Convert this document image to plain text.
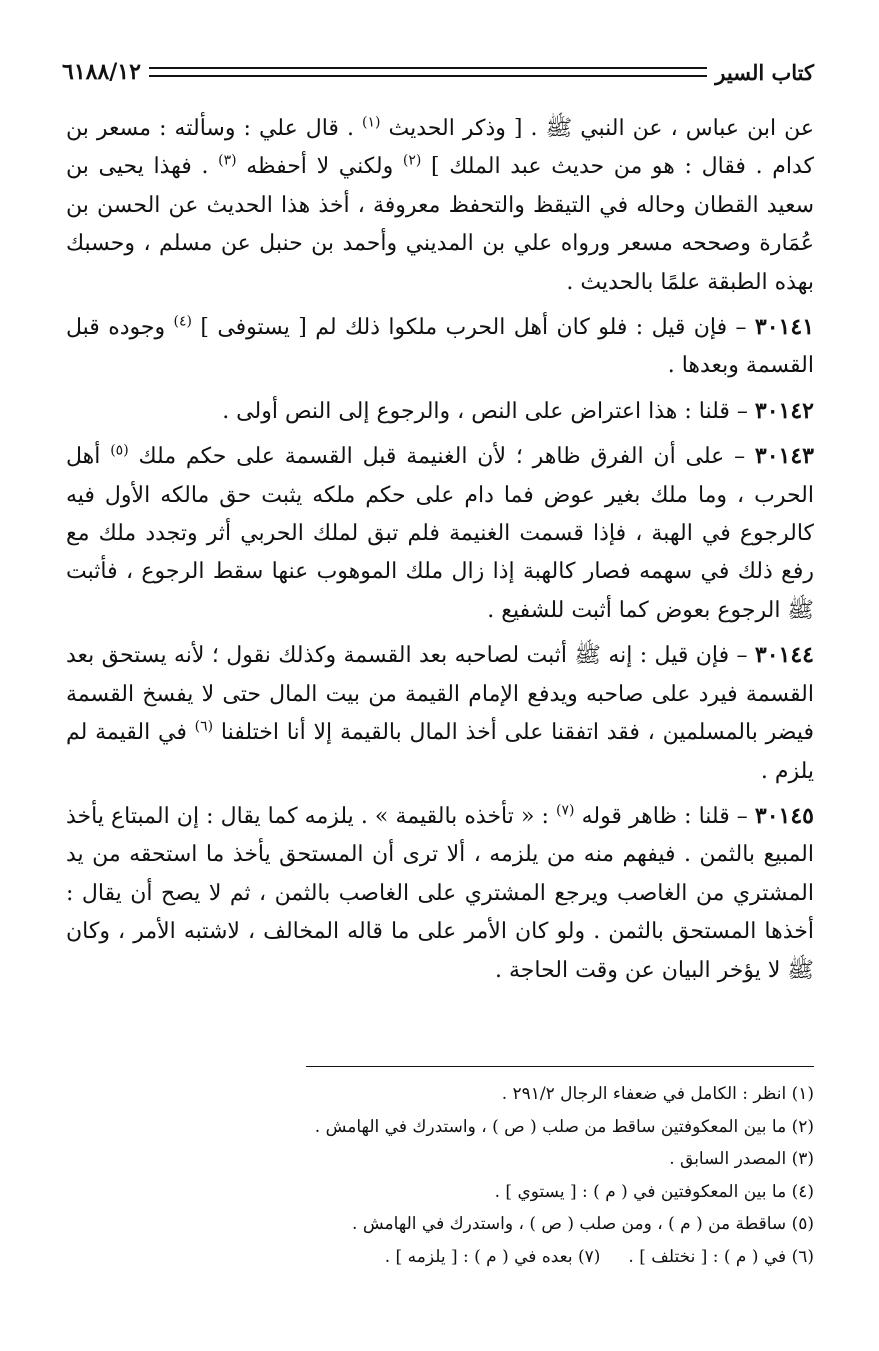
كتاب السير
٦١٨٨/١٢

عن ابن عباس ، عن النبي ﷺ . [ وذكر الحديث $^{(١)}$ . قال علي : وسألته : مسعر بن كدام . فقال : هو من حديث عبد الملك ] $^{(٢)}$ ولكني لا أحفظه $^{(٣)}$ . فهذا يحيى بن سعيد القطان وحاله في التيقظ والتحفظ معروفة ، أخذ هذا الحديث عن الحسن بن عُمَارة وصححه مسعر ورواه علي بن المديني وأحمد بن حنبل عن مسلم ، وحسبك بهذه الطبقة علمًا بالحديث .

٣٠١٤١ – فإن قيل : فلو كان أهل الحرب ملكوا ذلك لم [ يستوفى ] $^{(٤)}$ وجوده قبل القسمة وبعدها .

٣٠١٤٢ – قلنا : هذا اعتراض على النص ، والرجوع إلى النص أولى .

٣٠١٤٣ – على أن الفرق ظاهر ؛ لأن الغنيمة قبل القسمة على حكم ملك $^{(٥)}$ أهل الحرب ، وما ملك بغير عوض فما دام على حكم ملكه يثبت حق مالكه الأول فيه كالرجوع في الهبة ، فإذا قسمت الغنيمة فلم تبق لملك الحربي أثر وتجدد ملك مع رفع ذلك في سهمه فصار كالهبة إذا زال ملك الموهوب عنها سقط الرجوع ، فأثبت ﷺ الرجوع بعوض كما أثبت للشفيع .

٣٠١٤٤ – فإن قيل : إنه ﷺ أثبت لصاحبه بعد القسمة وكذلك نقول ؛ لأنه يستحق بعد القسمة فيرد على صاحبه ويدفع الإمام القيمة من بيت المال حتى لا يفسخ القسمة فيضر بالمسلمين ، فقد اتفقنا على أخذ المال بالقيمة إلا أنا اختلفنا $^{(٦)}$ في القيمة لم يلزم .

٣٠١٤٥ – قلنا : ظاهر قوله $^{(٧)}$ : « تأخذه بالقيمة » . يلزمه كما يقال : إن المبتاع يأخذ المبيع بالثمن . فيفهم منه من يلزمه ، ألا ترى أن المستحق يأخذ ما استحقه من يد المشتري من الغاصب ويرجع المشتري على الغاصب بالثمن ، ثم لا يصح أن يقال : أخذها المستحق بالثمن . ولو كان الأمر على ما قاله المخالف ، لاشتبه الأمر ، وكان ﷺ لا يؤخر البيان عن وقت الحاجة .

(١) انظر : الكامل في ضعفاء الرجال ٢٩١/٢ .
(٢) ما بين المعكوفتين ساقط من صلب ( ص ) ، واستدرك في الهامش .
(٣) المصدر السابق .
(٤) ما بين المعكوفتين في ( م ) : [ يستوي ] .
(٥) ساقطة من ( م ) ، ومن صلب ( ص ) ، واستدرك في الهامش .
(٦) في ( م ) : [ نختلف ] .
(٧) بعده في ( م ) : [ يلزمه ] .
